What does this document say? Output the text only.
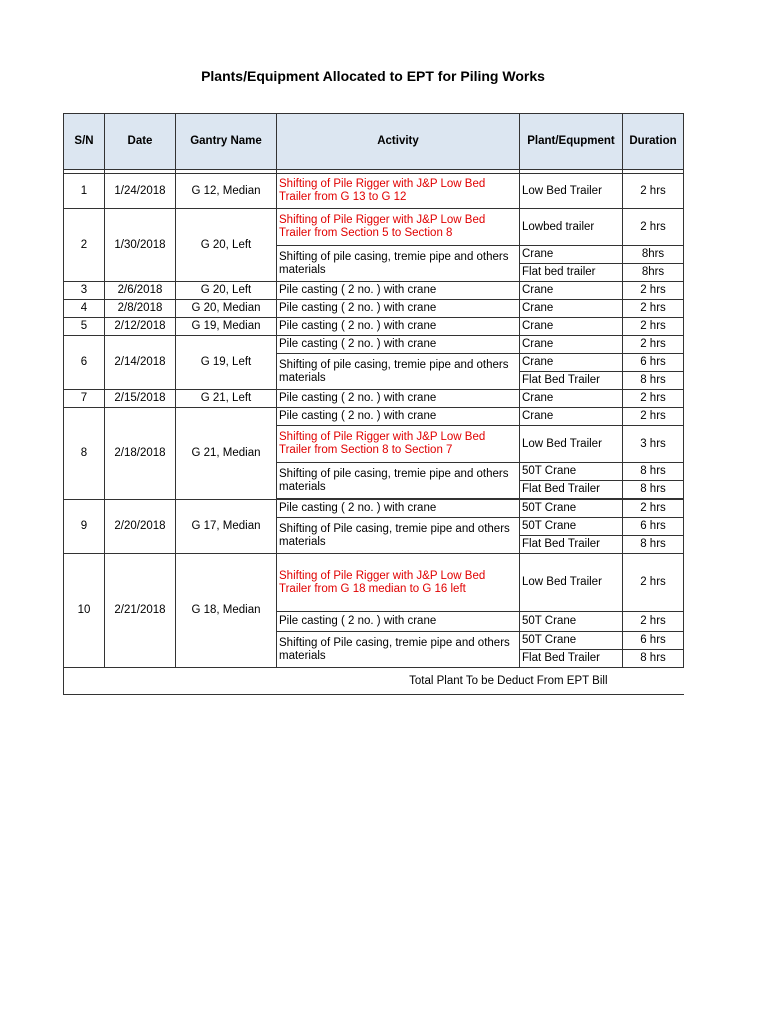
Plants/Equipment Allocated to EPT for Piling Works
S/N	Date	Gantry Name	Activity	Plant/Equpment	Duration

1	1/24/2018	G 12, Median	Shifting of Pile Rigger with J&P Low Bed Trailer from G 13 to G 12	Low Bed Trailer	2 hrs
2	1/30/2018	G 20, Left	Shifting of Pile Rigger with J&P Low Bed Trailer from Section 5 to Section 8	Lowbed trailer	2 hrs
			Shifting of pile casing, tremie pipe and others materials	Crane	8hrs
				Flat bed trailer	8hrs
3	2/6/2018	G 20, Left	Pile casting ( 2 no. ) with crane	Crane	2 hrs
4	2/8/2018	G 20, Median	Pile casting ( 2 no. ) with crane	Crane	2 hrs
5	2/12/2018	G 19, Median	Pile casting ( 2 no. ) with crane	Crane	2 hrs
6	2/14/2018	G 19, Left	Pile casting ( 2 no. ) with crane	Crane	2 hrs
			Shifting of pile casing, tremie pipe and others materials	Crane	6 hrs
				Flat Bed Trailer	8 hrs
7	2/15/2018	G 21, Left	Pile casting ( 2 no. ) with crane	Crane	2 hrs
8	2/18/2018	G 21, Median	Pile casting ( 2 no. ) with crane	Crane	2 hrs
			Shifting of Pile Rigger with J&P Low Bed Trailer from Section 8 to Section 7	Low Bed Trailer	3 hrs
			Shifting of pile casing, tremie pipe and others materials	50T Crane	8 hrs
				Flat Bed Trailer	8 hrs

9	2/20/2018	G 17, Median	Pile casting ( 2 no. ) with crane	50T Crane	2 hrs
			Shifting of Pile casing, tremie pipe and others materials	50T Crane	6 hrs
				Flat Bed Trailer	8 hrs
10	2/21/2018	G 18, Median	Shifting of Pile Rigger with J&P Low Bed Trailer from G 18 median to G 16 left	Low Bed Trailer	2 hrs
			Pile casting ( 2 no. ) with crane	50T Crane	2 hrs
			Shifting of Pile casing, tremie pipe and others materials	50T Crane	6 hrs
				Flat Bed Trailer	8 hrs
Total Plant To be Deduct From EPT Bill					
